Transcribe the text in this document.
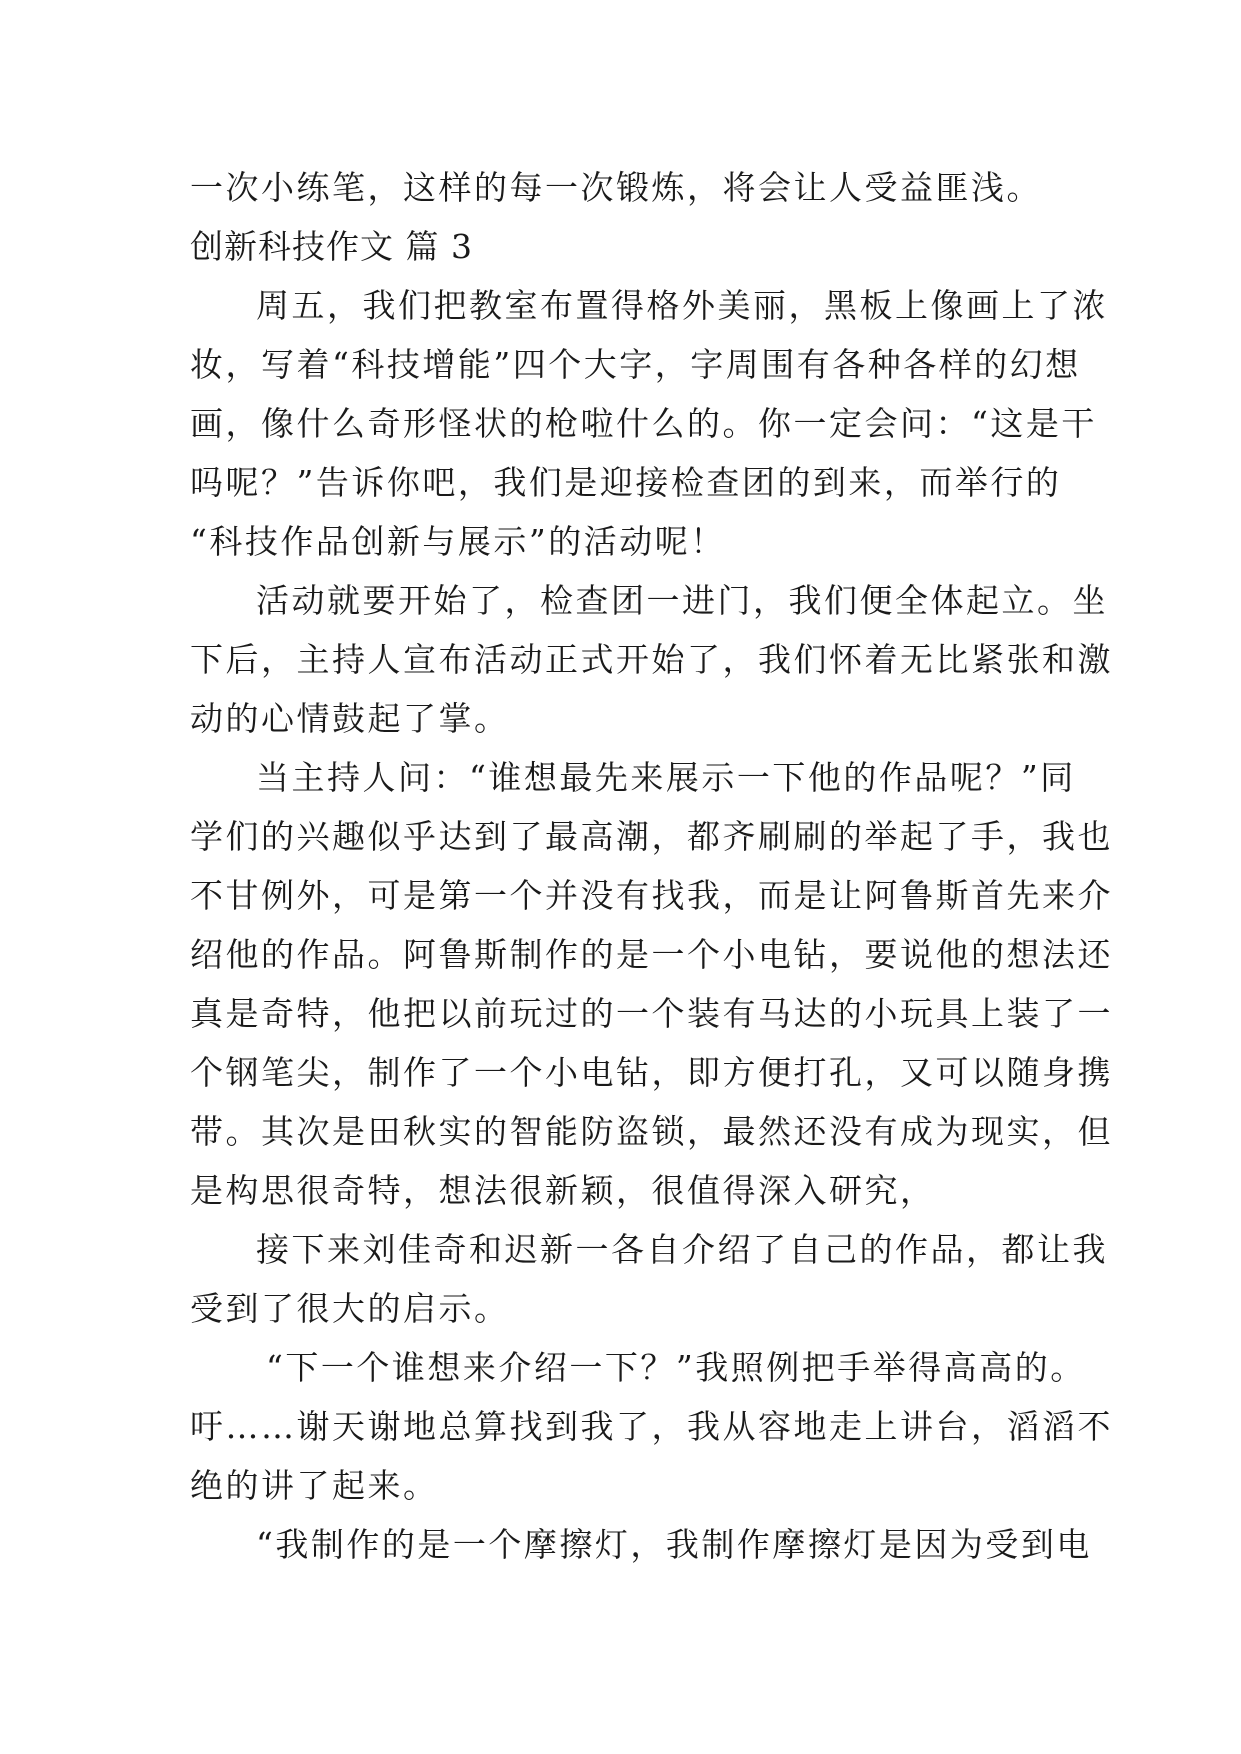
一次小练笔，这样的每一次锻炼，将会让人受益匪浅。
创新科技作文 篇 3
周五，我们把教室布置得格外美丽，黑板上像画上了浓
妆，写着“科技增能”四个大字，字周围有各种各样的幻想
画，像什么奇形怪状的枪啦什么的。你一定会问：“这是干
吗呢？”告诉你吧，我们是迎接检查团的到来，而举行的
“科技作品创新与展示”的活动呢！
活动就要开始了，检查团一进门，我们便全体起立。坐
下后，主持人宣布活动正式开始了，我们怀着无比紧张和激
动的心情鼓起了掌。
当主持人问：“谁想最先来展示一下他的作品呢？”同
学们的兴趣似乎达到了最高潮，都齐刷刷的举起了手，我也
不甘例外，可是第一个并没有找我，而是让阿鲁斯首先来介
绍他的作品。阿鲁斯制作的是一个小电钻，要说他的想法还
真是奇特，他把以前玩过的一个装有马达的小玩具上装了一
个钢笔尖，制作了一个小电钻，即方便打孔，又可以随身携
带。其次是田秋实的智能防盗锁，最然还没有成为现实，但
是构思很奇特，想法很新颖，很值得深入研究，
接下来刘佳奇和迟新一各自介绍了自己的作品，都让我
受到了很大的启示。
“下一个谁想来介绍一下？”我照例把手举得高高的。
吁……谢天谢地总算找到我了，我从容地走上讲台，滔滔不
绝的讲了起来。
“我制作的是一个摩擦灯，我制作摩擦灯是因为受到电
